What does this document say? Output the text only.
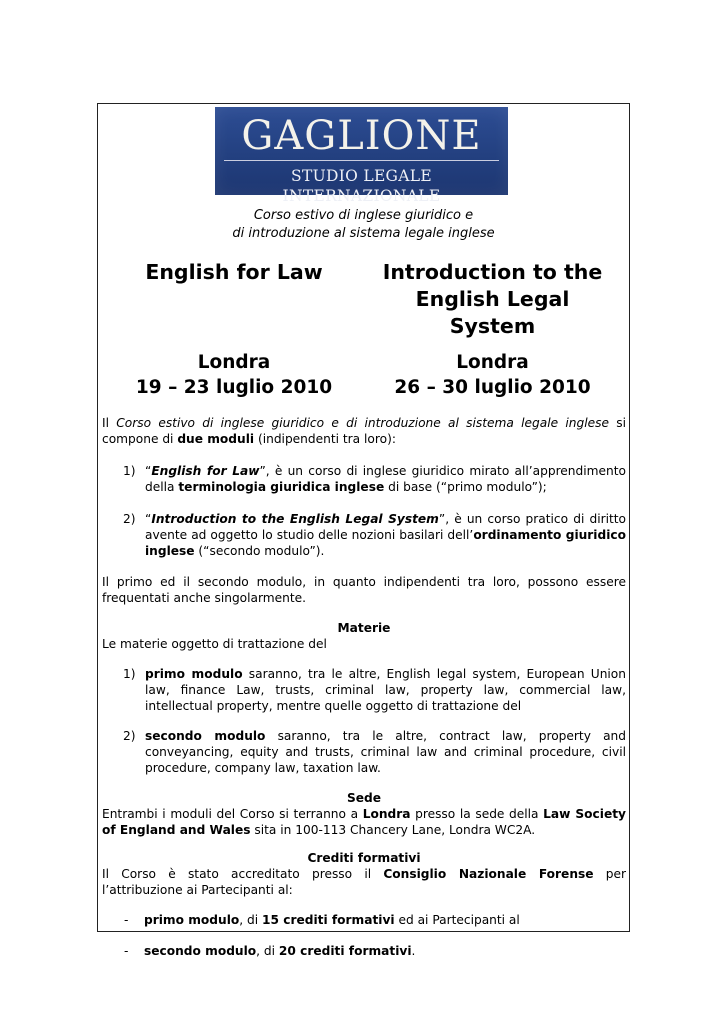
GAGLIONE
STUDIO LEGALE INTERNAZIONALE
Corso estivo di inglese giuridico e
di introduzione al sistema legale inglese
English for Law	Introduction to the
English Legal
System
Londra
19 – 23 luglio 2010
Londra
26 – 30 luglio 2010
Il Corso estivo di inglese giuridico e di introduzione al sistema legale inglese si compone di due moduli (indipendenti tra loro):
1) “English for Law”, è un corso di inglese giuridico mirato all’apprendimento della terminologia giuridica inglese di base (“primo modulo”);
2) “Introduction to the English Legal System”, è un corso pratico di diritto avente ad oggetto lo studio delle nozioni basilari dell’ordinamento giuridico inglese (“secondo modulo”).
Il primo ed il secondo modulo, in quanto indipendenti tra loro, possono essere frequentati anche singolarmente.
Materie
Le materie oggetto di trattazione del
1) primo modulo saranno, tra le altre, English legal system, European Union law, finance Law, trusts, criminal law, property law, commercial law, intellectual property, mentre quelle oggetto di trattazione del
2) secondo modulo saranno, tra le altre, contract law, property and conveyancing, equity and trusts, criminal law and criminal procedure, civil procedure, company law, taxation law.
Sede
Entrambi i moduli del Corso si terranno a Londra presso la sede della Law Society of England and Wales sita in 100-113 Chancery Lane, Londra WC2A.
Crediti formativi
Il Corso è stato accreditato presso il Consiglio Nazionale Forense per l’attribuzione ai Partecipanti al:
- primo modulo, di 15 crediti formativi ed ai Partecipanti al
- secondo modulo, di 20 crediti formativi.
